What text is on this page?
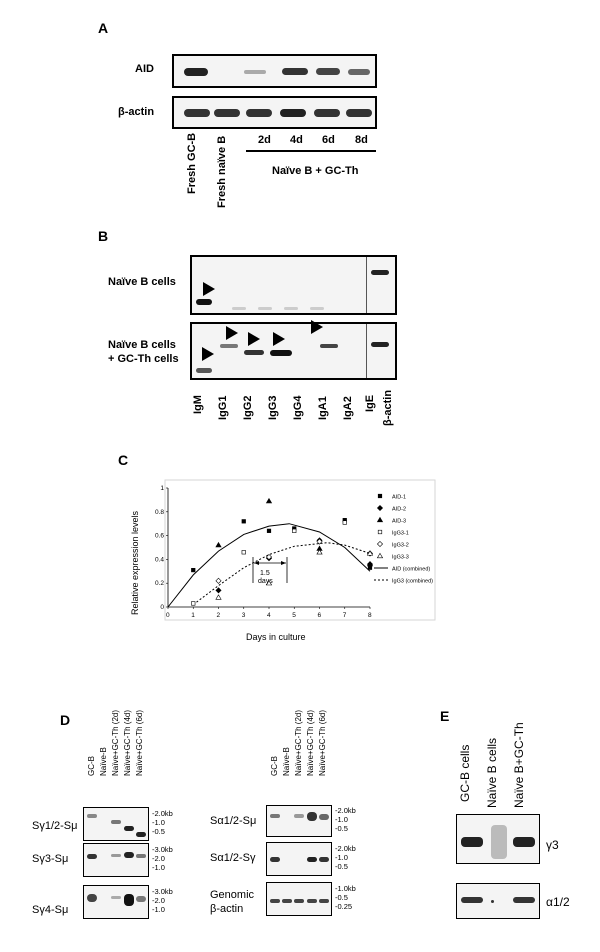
A
AID
β-actin
Fresh GC-B Fresh naïve B	2d 4d 6d 8d
Naïve B + GC-Th
B
Naïve B cells
Naïve B cells
+ GC-Th cells
IgM IgG1 IgG2 IgG3 IgG4 IgA1 IgA2 IgE β-actin
C
0	1	2	3	4	5	6	7	8
0
0.2
0.4
0.6
0.8
1
AID-1
AID-2
AID-3
IgG3-1
IgG3-2
IgG3-3
AID (combined)
IgG3 (combined)
1.5
days
Days in culture
Relative expression levels
D
GC-B Naïve-B Naïve+GC-Th (2d) Naïve+GC-Th (4d) Naïve+GC-Th (6d)
Sγ1/2-Sμ
-2.0kb
-1.0
-0.5
Sγ3-Sμ
-3.0kb
-2.0
-1.0
Sγ4-Sμ
-3.0kb
-2.0
-1.0
GC-B Naïve-B Naïve+GC-Th (2d) Naïve+GC-Th (4d) Naïve+GC-Th (6d)
Sα1/2-Sμ
-2.0kb
-1.0
-0.5
Sα1/2-Sγ
-2.0kb
-1.0
-0.5
Genomic
β-actin
-1.0kb
-0.5
-0.25
E
GC-B cells Naïve B cells Naïve B+GC-Th
γ3
α1/2
